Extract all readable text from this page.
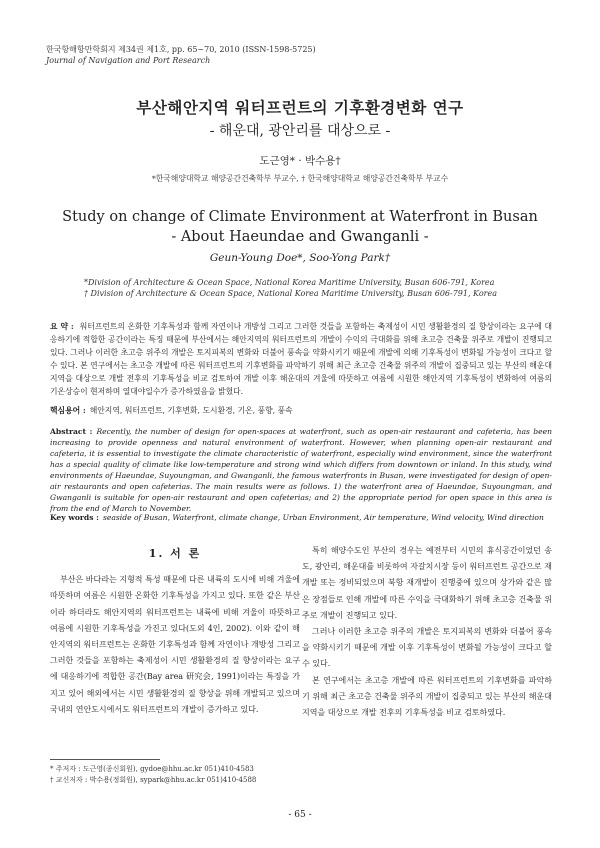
한국항해항만학회지 제34권 제1호, pp. 65~70, 2010 (ISSN-1598-5725)
Journal of Navigation and Port Research
부산해안지역 워터프런트의 기후환경변화 연구
- 해운대, 광안리를 대상으로 -
도근영* · 박수용†
*한국해양대학교 해양공간건축학부 부교수, † 한국해양대학교 해양공간건축학부 부교수
Study on change of Climate Environment at Waterfront in Busan
- About Haeundae and Gwanganli -
Geun-Young Doe*, Soo-Yong Park†
*Division of Architecture & Ocean Space, National Korea Maritime University, Busan 606-791, Korea
† Division of Architecture & Ocean Space, National Korea Maritime University, Busan 606-791, Korea
요 약 : 워터프런트의 온화한 기후특성과 함께 자연이나 개방성 그리고 그러한 것들을 포함하는 축제성이 시민 생활환경의 질 향상이라는 요구에 대응하기에 적합한 공간이라는 특징 때문에 부산에서는 해안지역의 워터프런트의 개발이 수익의 극대화를 위해 초고층 건축물 위주로 개발이 진행되고 있다. 그러나 이러한 초고층 위주의 개발은 토지피복의 변화와 더불어 풍속을 약화시키기 때문에 개발에 의해 기후특성이 변화될 가능성이 크다고 할 수 있다. 본 연구에서는 초고층 개발에 따른 워터프런트의 기후변화를 파악하기 위해 최근 초고층 건축물 위주의 개발이 집중되고 있는 부산의 해운대 지역을 대상으로 개발 전후의 기후특성을 비교 검토하여 개발 이후 해운대의 겨울에 따뜻하고 여름에 시원한 해안지역 기후특성이 변화하여 여름의 기온상승이 현저하며 열대야일수가 증가하였음을 밝혔다.
핵심용어 : 해안지역, 워터프런트, 기후변화, 도시환경, 기온, 풍향, 풍속
Abstract : Recently, the number of design for open-spaces at waterfront, such as open-air restaurant and cafeteria, has been increasing to provide openness and natural environment of waterfront. However, when planning open-air restaurant and cafeteria, it is essential to investigate the climate characteristic of waterfront, especially wind environment, since the waterfront has a special quality of climate like low-temperature and strong wind which differs from downtown or inland. In this study, wind environments of Haeundae, Suyoungman, and Gwanganli, the famous waterfronts in Busan, were investigated for design of open-air restaurants and open cafeterias. The main results were as follows. 1) the waterfront area of Haeundae, Suyoungman, and Gwanganli is suitable for open-air restaurant and open cafeterias; and 2) the appropriate period for open space in this area is from the end of March to November.
Key words : seaside of Busan, Waterfront, climate change, Urban Environment, Air temperature, Wind velocity, Wind direction
1. 서 론

부산은 바다라는 지형적 특성 때문에 다른 내륙의 도시에 비해 겨울에 따뜻하며 여름은 시원한 온화한 기후특성을 가지고 있다. 또한 같은 부산이라 하더라도 해안지역의 워터프런트는 내륙에 비해 겨울이 따뜻하고 여름에 시원한 기후특성을 가진고 있다(도외 4인, 2002). 이와 같이 해안지역의 워터프런트는 온화한 기후특성과 함께 자연이나 개방성 그리고 그러한 것들을 포함하는 축제성이 시민 생활환경의 질 향상이라는 요구에 대응하기에 적합한 공간(Bay area 研究会, 1991)이라는 특징을 가지고 있어 해외에서는 시민 생활환경의 질 향상을 위해 개발되고 있으며 국내의 연안도시에서도 워터프런트의 개발이 증가하고 있다.

특히 해양수도인 부산의 경우는 예전부터 시민의 휴식공간이었던 송도, 광안리, 해운대를 비롯하여 자갈치시장 등이 워터프런트 공간으로 재개발 또는 정비되었으며 북항 재개발이 진행중에 있으며 상가와 같은 많은 장점들로 인해 개발에 따른 수익을 극대화하기 위해 초고층 건축물 위주로 개발이 진행되고 있다.

그러나 이러한 초고층 위주의 개발은 토지피복의 변화와 더불어 풍속을 약화시키기 때문에 개발 이후 기후특성이 변화될 가능성이 크다고 할 수 있다.

본 연구에서는 초고층 개발에 따른 워터프런트의 기후변화를 파악하기 위해 최근 초고층 건축물 위주의 개발이 집중되고 있는 부산의 해운대 지역을 대상으로 개발 전후의 기후특성을 비교 검토하였다.

* 주저자 : 도근영(종신회원), gydoe@hhu.ac.kr 051)410-4583
† 교신저자 : 박수용(정회원), sypark@hhu.ac.kr 051)410-4588
- 65 -
